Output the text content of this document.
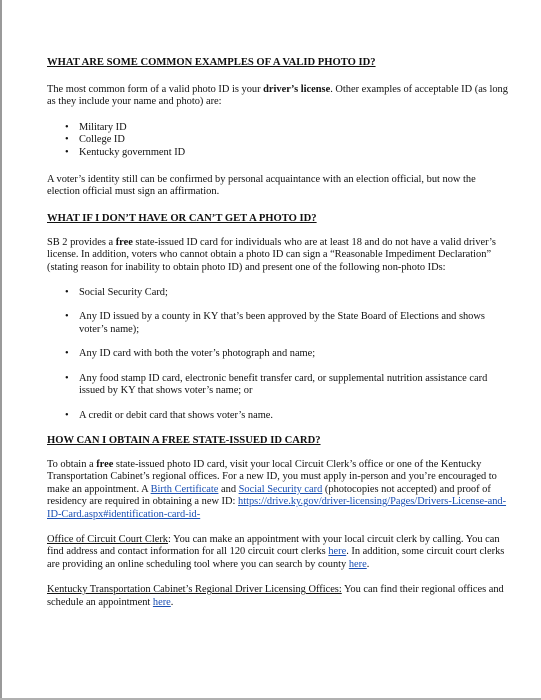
WHAT ARE SOME COMMON EXAMPLES OF A VALID PHOTO ID?

The most common form of a valid photo ID is your driver’s license. Other examples of acceptable ID (as long as they include your name and photo) are:

• Military ID
• College ID
• Kentucky government ID

A voter’s identity still can be confirmed by personal acquaintance with an election official, but now the election official must sign an affirmation.

WHAT IF I DON’T HAVE OR CAN’T GET A PHOTO ID?

SB 2 provides a free state-issued ID card for individuals who are at least 18 and do not have a valid driver’s license. In addition, voters who cannot obtain a photo ID can sign a “Reasonable Impediment Declaration” (stating reason for inability to obtain photo ID) and present one of the following non-photo IDs:

• Social Security Card;
• Any ID issued by a county in KY that’s been approved by the State Board of Elections and shows voter’s name);
• Any ID card with both the voter’s photograph and name;
• Any food stamp ID card, electronic benefit transfer card, or supplemental nutrition assistance card issued by KY that shows voter’s name; or
• A credit or debit card that shows voter’s name.
HOW CAN I OBTAIN A FREE STATE-ISSUED ID CARD?

To obtain a free state-issued photo ID card, visit your local Circuit Clerk’s office or one of the Kentucky Transportation Cabinet’s regional offices. For a new ID, you must apply in-person and you’re encouraged to make an appointment. A Birth Certificate and Social Security card (photocopies not accepted) and proof of residency are required in obtaining a new ID: https://drive.ky.gov/driver-licensing/Pages/Drivers-License-and-ID-Card.aspx#identification-card-id-

Office of Circuit Court Clerk: You can make an appointment with your local circuit clerk by calling. You can find address and contact information for all 120 circuit court clerks here. In addition, some circuit court clerks are providing an online scheduling tool where you can search by county here.

Kentucky Transportation Cabinet’s Regional Driver Licensing Offices: You can find their regional offices and schedule an appointment here.
